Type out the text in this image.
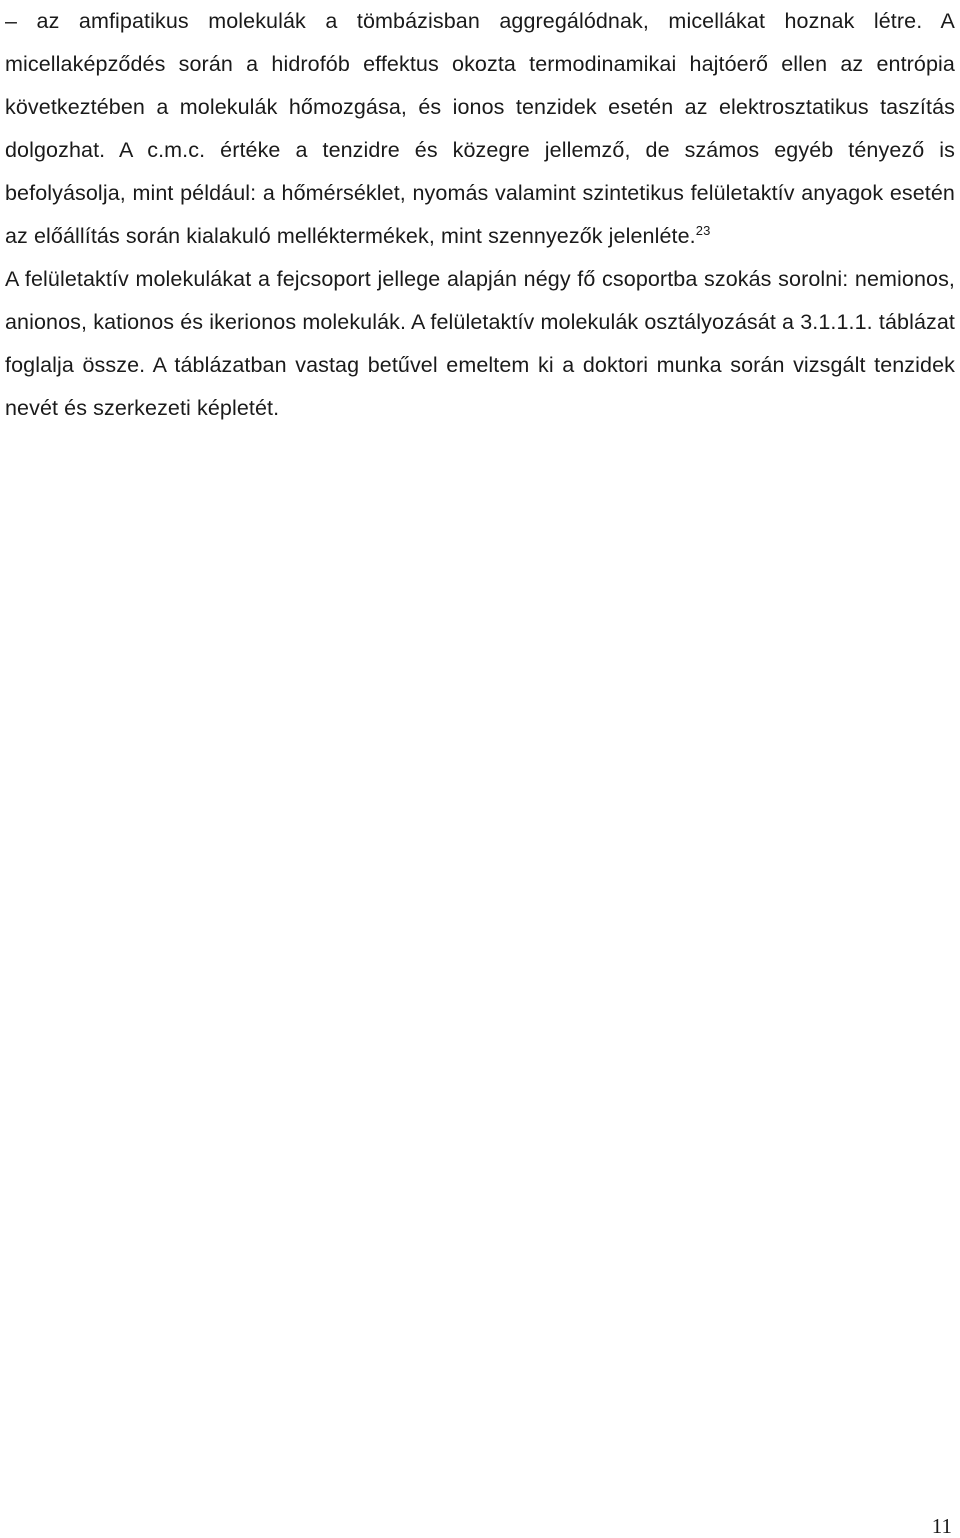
– az amfipatikus molekulák a tömbázisban aggregálódnak, micellákat hoznak létre. A micellaképződés során a hidrofób effektus okozta termodinamikai hajtóerő ellen az entrópia következtében a molekulák hőmozgása, és ionos tenzidek esetén az elektrosztatikus taszítás dolgozhat. A c.m.c. értéke a tenzidre és közegre jellemző, de számos egyéb tényező is befolyásolja, mint például: a hőmérséklet, nyomás valamint szintetikus felületaktív anyagok esetén az előállítás során kialakuló melléktermékek, mint szennyezők jelenléte.$^{23}$

A felületaktív molekulákat a fejcsoport jellege alapján négy fő csoportba szokás sorolni: nemionos, anionos, kationos és ikerionos molekulák. A felületaktív molekulák osztályozását a 3.1.1.1. táblázat foglalja össze. A táblázatban vastag betűvel emeltem ki a doktori munka során vizsgált tenzidek nevét és szerkezeti képletét.

11
